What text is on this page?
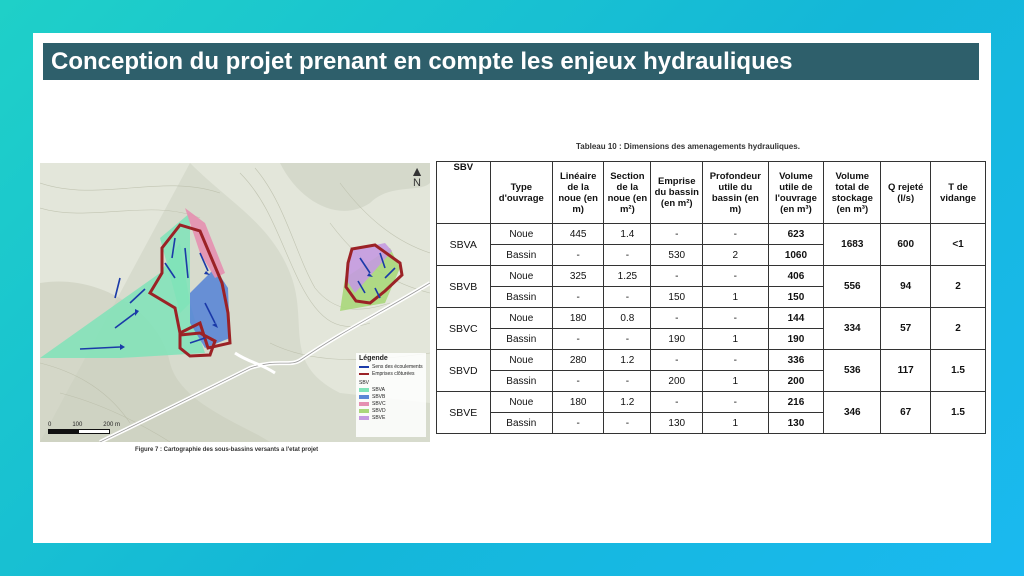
Conception du projet prenant en compte les enjeux hydrauliques
▲
N
Légende
Sens des écoulements
Emprises clôturées
SBV
SBVA
SBVB
SBVC
SBVD
SBVE
0	100	200 m
Figure 7 : Cartographie des sous-bassins versants a l'etat projet
Tableau 10 : Dimensions des amenagements hydrauliques.
SBV	Type d'ouvrage	Linéaire de la noue (en m)	Section de la noue (en m²)	Emprise du bassin (en m²)	Profondeur utile du bassin (en m)	Volume utile de l'ouvrage (en m³)	Volume total de stockage (en m³)	Q rejeté (l/s)	T de vidange
SBVA	Noue	445	1.4	-	-	623	1683	600	<1
	Bassin	-	-	530	2	1060			
SBVB	Noue	325	1.25	-	-	406	556	94	2
	Bassin	-	-	150	1	150			
SBVC	Noue	180	0.8	-	-	144	334	57	2
	Bassin	-	-	190	1	190			
SBVD	Noue	280	1.2	-	-	336	536	117	1.5
	Bassin	-	-	200	1	200			
SBVE	Noue	180	1.2	-	-	216	346	67	1.5
	Bassin	-	-	130	1	130			
